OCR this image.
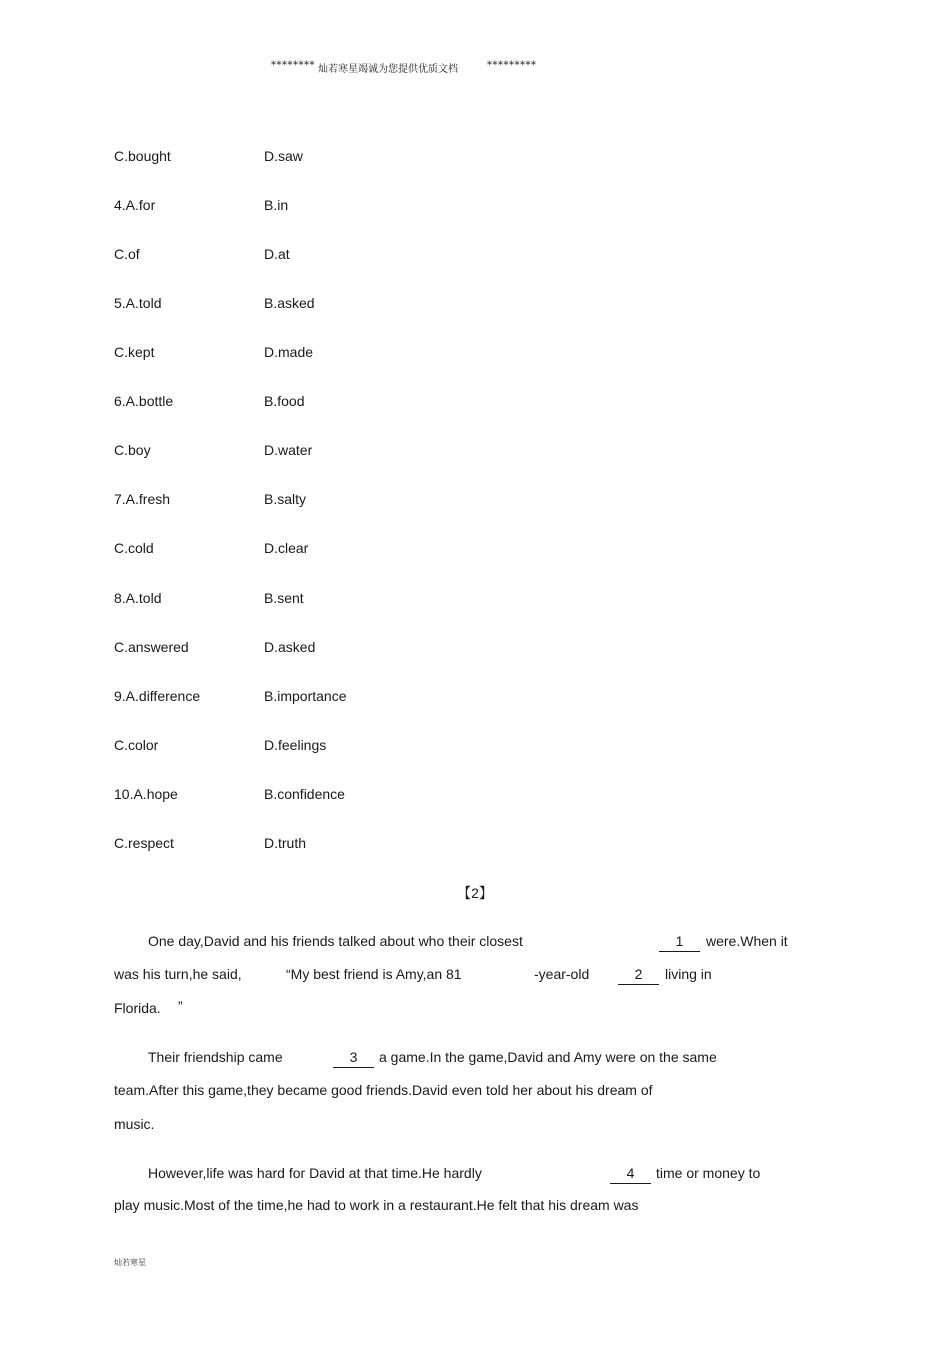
******** 灿若寒星竭诚为您提供优质文档	*********
C.bought	D.saw
4.A.for	B.in
C.of	D.at
5.A.told	B.asked
C.kept	D.made
6.A.bottle	B.food
C.boy	D.water
7.A.fresh	B.salty
C.cold	D.clear
8.A.told	B.sent
C.answered	D.asked
9.A.difference	B.importance
C.color	D.feelings
10.A.hope	B.confidence
C.respect	D.truth
【2】
One day,David and his friends talked about who their closest	1	were.When it
was his turn,he said,	“My best friend is Amy,an 81	-year-old	2	living in
Florida. ”
Their friendship came	3	a game.In the game,David and Amy were on the same
team.After this game,they became good friends.David even told her about his dream of
music.
However,life was hard for David at that time.He hardly	4	time or money to
play music.Most of the time,he had to work in a restaurant.He felt that his dream was
灿若寒星
